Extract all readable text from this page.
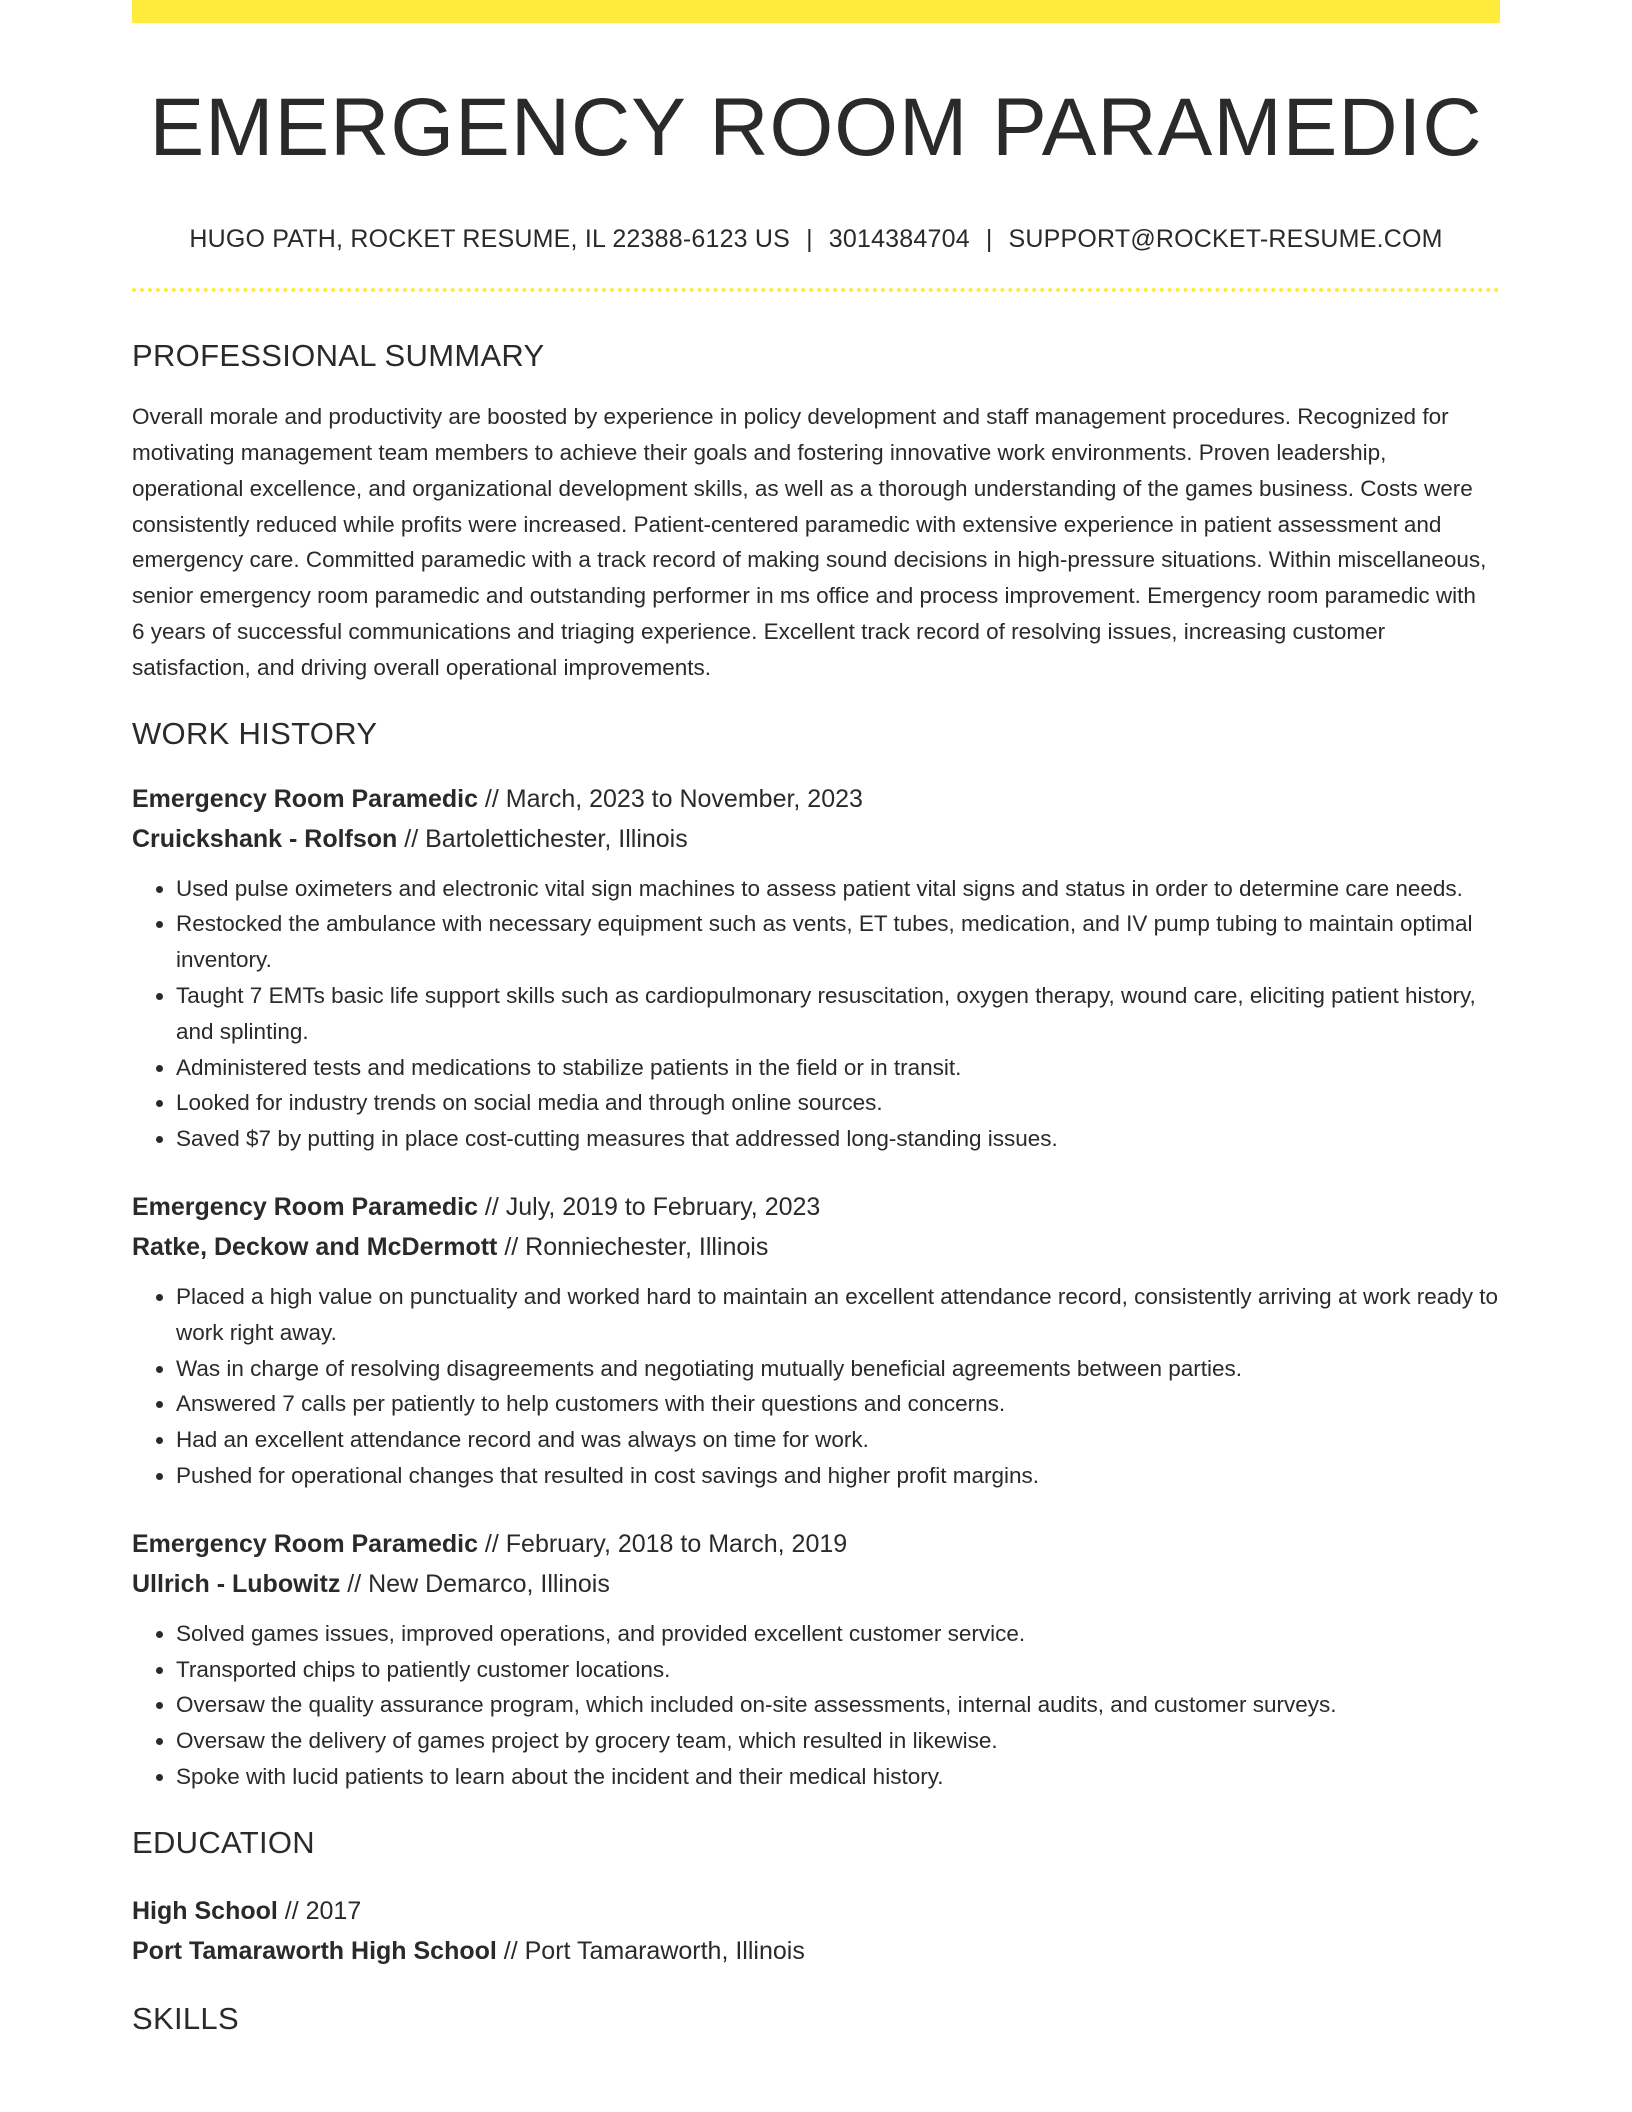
EMERGENCY ROOM PARAMEDIC
HUGO PATH, ROCKET RESUME, IL 22388-6123 US | 3014384704 | SUPPORT@ROCKET-RESUME.COM
PROFESSIONAL SUMMARY

Overall morale and productivity are boosted by experience in policy development and staff management procedures. Recognized for motivating management team members to achieve their goals and fostering innovative work environments. Proven leadership, operational excellence, and organizational development skills, as well as a thorough understanding of the games business. Costs were consistently reduced while profits were increased. Patient-centered paramedic with extensive experience in patient assessment and emergency care. Committed paramedic with a track record of making sound decisions in high-pressure situations. Within miscellaneous, senior emergency room paramedic and outstanding performer in ms office and process improvement. Emergency room paramedic with 6 years of successful communications and triaging experience. Excellent track record of resolving issues, increasing customer satisfaction, and driving overall operational improvements.

WORK HISTORY
Emergency Room Paramedic // March, 2023 to November, 2023
Cruickshank - Rolfson // Bartolettichester, Illinois
• Used pulse oximeters and electronic vital sign machines to assess patient vital signs and status in order to determine care needs.
• Restocked the ambulance with necessary equipment such as vents, ET tubes, medication, and IV pump tubing to maintain optimal inventory.
• Taught 7 EMTs basic life support skills such as cardiopulmonary resuscitation, oxygen therapy, wound care, eliciting patient history, and splinting.
• Administered tests and medications to stabilize patients in the field or in transit.
• Looked for industry trends on social media and through online sources.
• Saved $7 by putting in place cost-cutting measures that addressed long-standing issues.
Emergency Room Paramedic // July, 2019 to February, 2023
Ratke, Deckow and McDermott // Ronniechester, Illinois
• Placed a high value on punctuality and worked hard to maintain an excellent attendance record, consistently arriving at work ready to work right away.
• Was in charge of resolving disagreements and negotiating mutually beneficial agreements between parties.
• Answered 7 calls per patiently to help customers with their questions and concerns.
• Had an excellent attendance record and was always on time for work.
• Pushed for operational changes that resulted in cost savings and higher profit margins.
Emergency Room Paramedic // February, 2018 to March, 2019
Ullrich - Lubowitz // New Demarco, Illinois
• Solved games issues, improved operations, and provided excellent customer service.
• Transported chips to patiently customer locations.
• Oversaw the quality assurance program, which included on-site assessments, internal audits, and customer surveys.
• Oversaw the delivery of games project by grocery team, which resulted in likewise.
• Spoke with lucid patients to learn about the incident and their medical history.
EDUCATION
High School // 2017
Port Tamaraworth High School // Port Tamaraworth, Illinois
SKILLS
